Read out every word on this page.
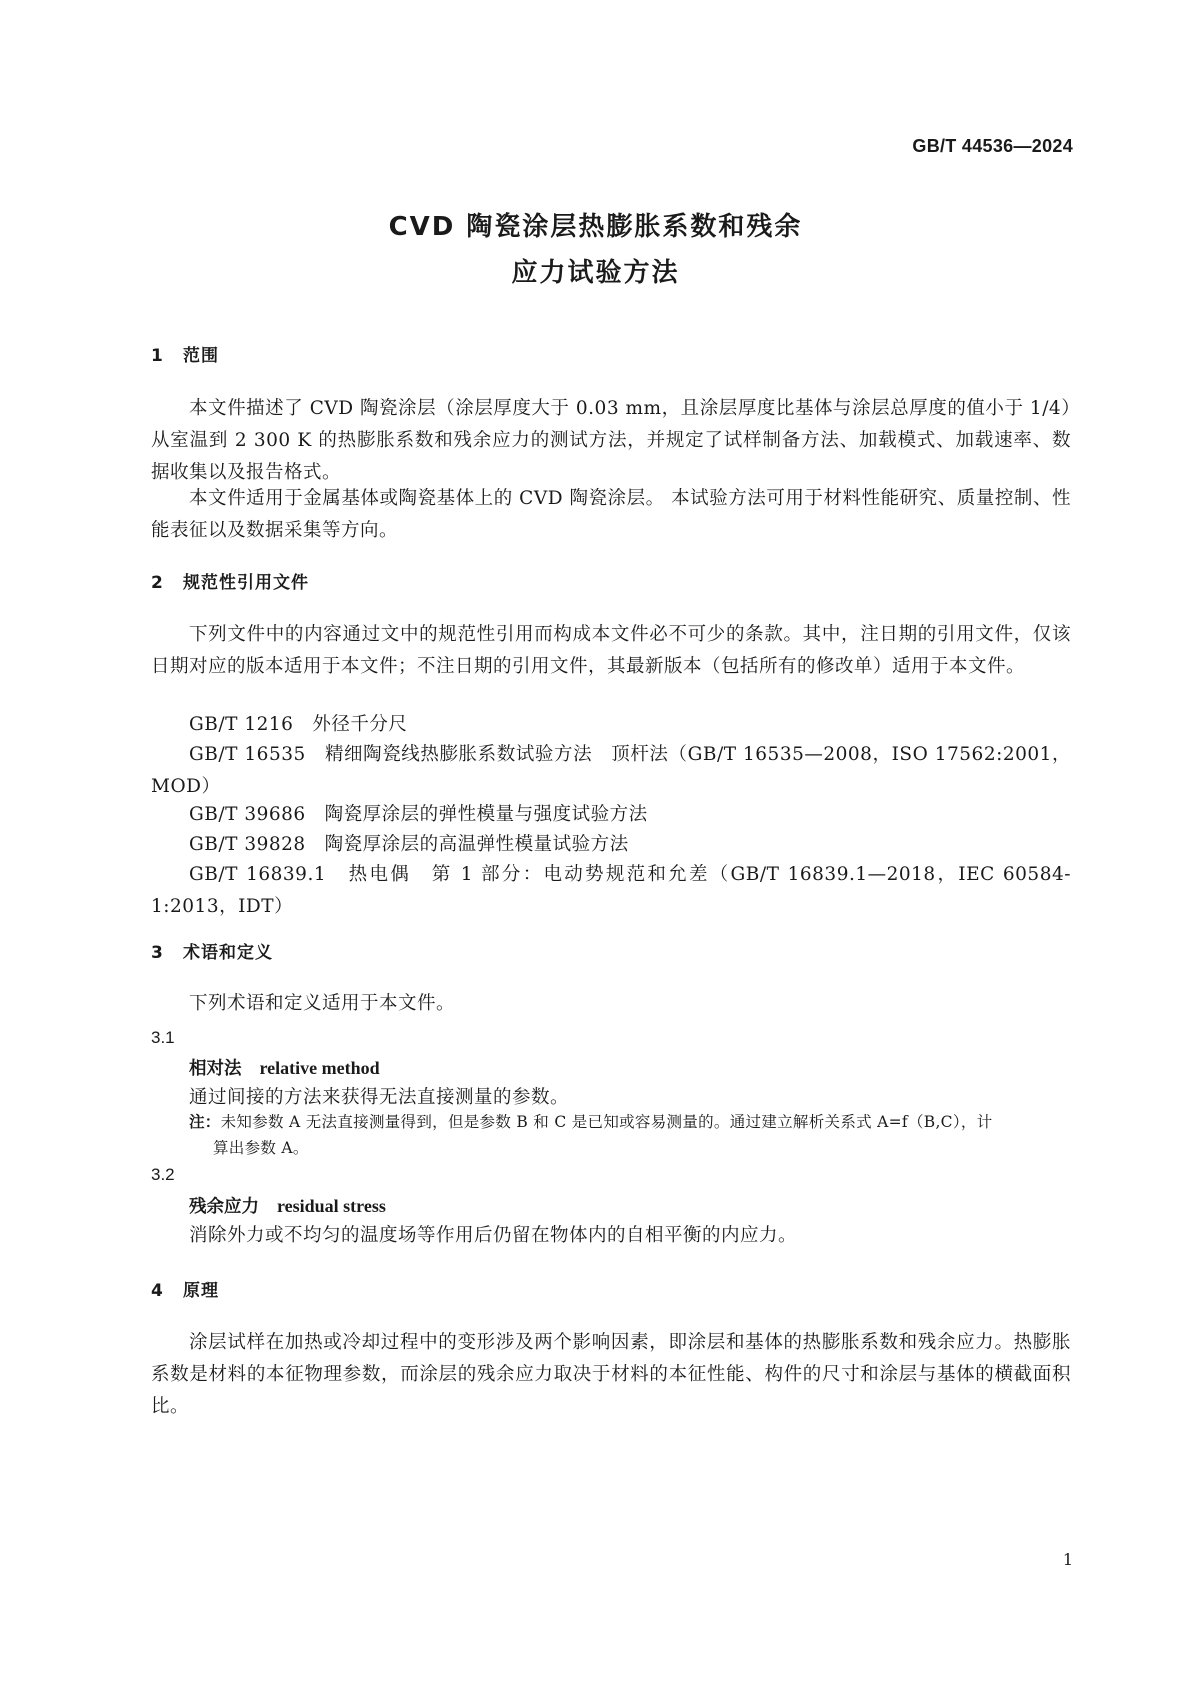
GB/T 44536—2024
CVD 陶瓷涂层热膨胀系数和残余
应力试验方法
1 范围
本文件描述了 CVD 陶瓷涂层（涂层厚度大于 0.03 mm，且涂层厚度比基体与涂层总厚度的值小于 1/4）从室温到 2 300 K 的热膨胀系数和残余应力的测试方法，并规定了试样制备方法、加载模式、加载速率、数据收集以及报告格式。
本文件适用于金属基体或陶瓷基体上的 CVD 陶瓷涂层。 本试验方法可用于材料性能研究、质量控制、性能表征以及数据采集等方向。
2 规范性引用文件
下列文件中的内容通过文中的规范性引用而构成本文件必不可少的条款。其中，注日期的引用文件，仅该日期对应的版本适用于本文件；不注日期的引用文件，其最新版本（包括所有的修改单）适用于本文件。
GB/T 1216　外径千分尺
GB/T 16535　精细陶瓷线热膨胀系数试验方法　顶杆法（GB/T 16535—2008，ISO 17562:2001，MOD）
GB/T 39686　陶瓷厚涂层的弹性模量与强度试验方法
GB/T 39828　陶瓷厚涂层的高温弹性模量试验方法
GB/T 16839.1　热电偶　第 1 部分：电动势规范和允差（GB/T 16839.1—2018，IEC 60584-1:2013，IDT）
3 术语和定义
下列术语和定义适用于本文件。
3.1
相对法 relative method
通过间接的方法来获得无法直接测量的参数。
注：未知参数 A 无法直接测量得到，但是参数 B 和 C 是已知或容易测量的。通过建立解析关系式 A=f（B,C），计
算出参数 A。
3.2
残余应力 residual stress
消除外力或不均匀的温度场等作用后仍留在物体内的自相平衡的内应力。
4 原理
涂层试样在加热或冷却过程中的变形涉及两个影响因素，即涂层和基体的热膨胀系数和残余应力。热膨胀系数是材料的本征物理参数，而涂层的残余应力取决于材料的本征性能、构件的尺寸和涂层与基体的横截面积比。
1
